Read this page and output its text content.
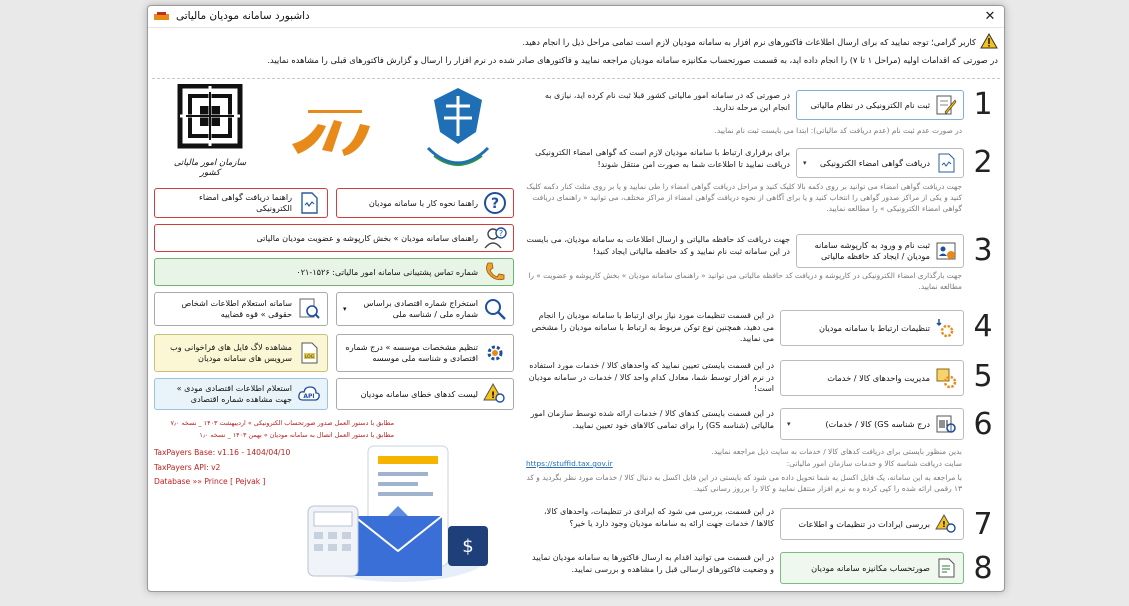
داشبورد سامانه مودیان مالیاتی	✕
کاربر گرامی؛ توجه نمایید که برای ارسال اطلاعات فاکتورهای نرم افزار به سامانه مودیان لازم است تمامی مراحل ذیل را انجام دهید.
در صورتی که اقدامات اولیه (مراحل ۱ تا ۷) را انجام داده اید، به قسمت صورتحساب مکانیزه سامانه مودیان مراجعه نمایید و فاکتورهای صادر شده در نرم افزار را ارسال و گزارش فاکتورهای قبلی را مشاهده نمایید.
سازمان امور مالیاتی کشور
راهنما دریافت گواهی امضاء الکترونیکی	?
راهنما نحوه کار با سامانه مودیان
?
راهنمای سامانه مودیان » بخش کارپوشه و عضویت مودیان مالیاتی
شماره تماس پشتیبانی سامانه امور مالیاتی: ۱۵۲۶-۰۲۱
سامانه استعلام اطلاعات اشخاص حقوقی » قوه قضاییه
استخراج شماره اقتصادی براساس شماره ملی / شناسه ملی
▾
LOG
مشاهده لاگ فایل های فراخوانی وب سرویس های سامانه مودیان
تنظیم مشخصات موسسه » درج شماره اقتصادی و شناسه ملی موسسه
API
استعلام اطلاعات اقتصادی مودی » جهت مشاهده شماره اقتصادی	!
لیست کدهای خطای سامانه مودیان
مطابق با دستور العمل صدور صورتحساب الکترونیکی » اردیبهشت ۱۴۰۳ _ نسخه ۷٫۰
مطابق با دستور العمل اتصال به سامانه مودیان » بهمن ۱۴۰۳ _ نسخه ۱٫۰
TaxPayers Base: v1.16 - 1404/04/10
TaxPayers API: v2
Database »» Prince [ Pejvak ]
$
1
ثبت نام الکترونیکی در نظام مالیاتی
در صورتی که در سامانه امور مالیاتی کشور قبلا ثبت نام کرده اید، نیازی به انجام این مرحله ندارید.
در صورت عدم ثبت نام (عدم دریافت کد مالیاتی): ابتدا می بایست ثبت نام نمایید.
2
دریافت گواهی امضاء الکترونیکی
▾
برای برقراری ارتباط با سامانه مودیان لازم است که گواهی امضاء الکترونیکی دریافت نمایید تا اطلاعات شما به صورت امن منتقل شوند!
جهت دریافت گواهی امضاء می توانید بر روی دکمه بالا کلیک کنید و مراحل دریافت گواهی امضاء را طی نمایید و یا بر روی مثلث کنار دکمه کلیک کنید و یکی از مراکز صدور گواهی را انتخاب کنید و یا برای آگاهی از نحوه دریافت گواهی امضاء از مراکز مختلف، می توانید « راهنمای دریافت گواهی امضاء الکترونیکی » را مطالعه نمایید.
3
ثبت نام و ورود به کارپوشه سامانه مودیان / ایجاد کد حافظه مالیاتی
جهت دریافت کد حافظه مالیاتی و ارسال اطلاعات به سامانه مودیان، می بایست در این سامانه ثبت نام نمایید و کد حافظه مالیاتی ایجاد کنید!
جهت بارگذاری امضاء الکترونیکی در کارپوشه و دریافت کد حافظه مالیاتی می توانید « راهنمای سامانه مودیان » بخش کارپوشه و عضویت » را مطالعه نمایید.
4
تنظیمات ارتباط با سامانه مودیان
در این قسمت تنظیمات مورد نیاز برای ارتباط با سامانه مودیان را انجام می دهید، همچنین نوع توکن مربوط به ارتباط با سامانه مودیان را مشخص می نمایید.
5
مدیریت واحدهای کالا / خدمات
در این قسمت بایستی تعیین نمایید که واحدهای کالا / خدمات مورد استفاده در نرم افزار توسط شما، معادل کدام واحد کالا / خدمات در سامانه مودیان است!
6
درج شناسه GS) کالا / خدمات)
▾
در این قسمت بایستی کدهای کالا / خدمات ارائه شده توسط سازمان امور مالیاتی (شناسه GS) را برای تمامی کالاهای خود تعیین نمایید.
بدین منظور بایستی برای دریافت کدهای کالا / خدمات به سایت ذیل مراجعه نمایید.
https://stuffid.tax.gov.ir	سایت دریافت شناسه کالا و خدمات سازمان امور مالیاتی:
با مراجعه به این سامانه، یک فایل اکسل به شما تحویل داده می شود که بایستی در این فایل اکسل به دنبال کالا / خدمات مورد نظر بگردید و کد ۱۳ رقمی ارائه شده را کپی کرده و به نرم افزار منتقل نمایید و کالا را برروز رسانی کنید.
7
!
بررسی ایرادات در تنظیمات و اطلاعات
در این قسمت، بررسی می شود که ایرادی در تنظیمات، واحدهای کالا، کالاها / خدمات جهت ارائه به سامانه مودیان وجود دارد یا خیر؟
8
صورتحساب مکانیزه سامانه مودیان
در این قسمت می توانید اقدام به ارسال فاکتورها به سامانه مودیان نمایید و وضعیت فاکتورهای ارسالی قبل را مشاهده و بررسی نمایید.
